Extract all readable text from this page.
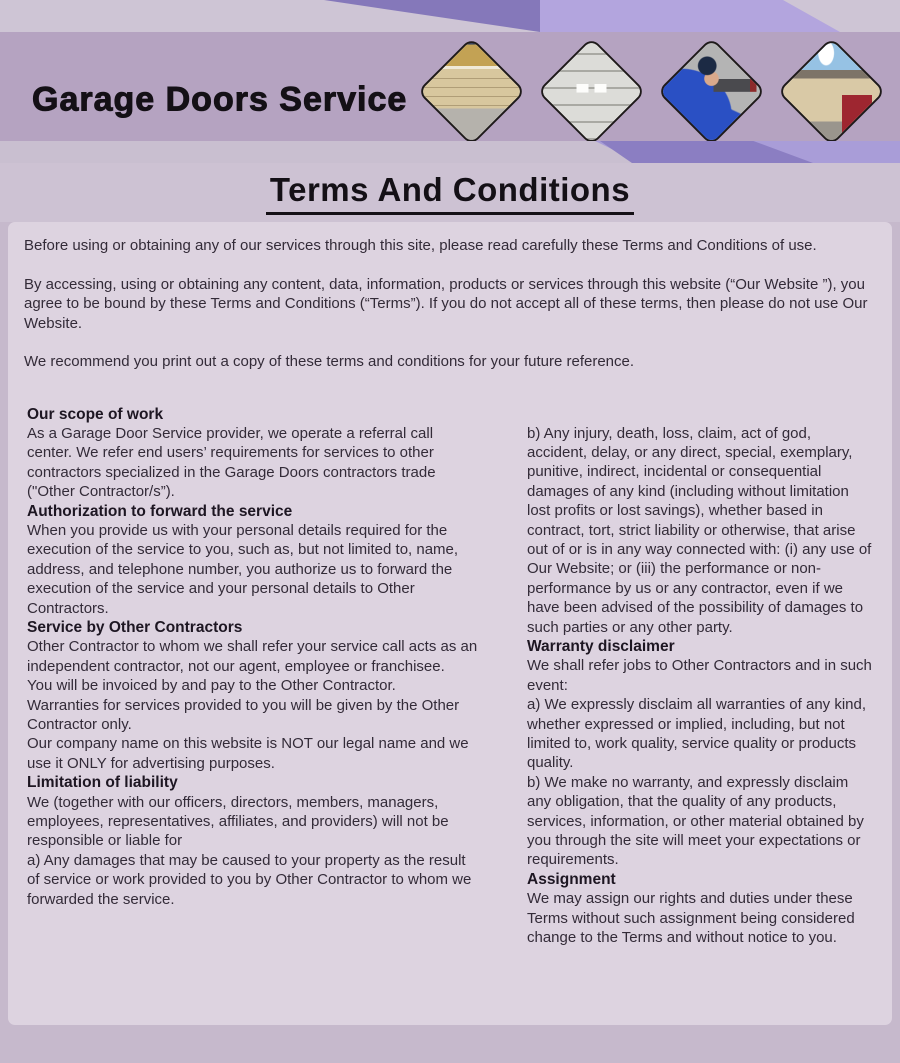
Garage Doors Service
Terms And Conditions

Before using or obtaining any of our services through this site, please read carefully these Terms and Conditions of use.

By accessing, using or obtaining any content, data, information, products or services through this website (“Our Website ”), you agree to be bound by these Terms and Conditions (“Terms”). If you do not accept all of these terms, then please do not use Our Website.

We recommend you print out a copy of these terms and conditions for your future reference.

Our scope of work

As a Garage Door Service provider, we operate a referral call center. We refer end users’ requirements for services to other contractors specialized in the Garage Doors contractors trade ("Other Contractor/s”).

Authorization to forward the service

When you provide us with your personal details required for the execution of the service to you, such as, but not limited to, name, address, and telephone number, you authorize us to forward the execution of the service and your personal details to Other Contractors.

Service by Other Contractors

Other Contractor to whom we shall refer your service call acts as an independent contractor, not our agent, employee or franchisee.

You will be invoiced by and pay to the Other Contractor.

Warranties for services provided to you will be given by the Other Contractor only.

Our company name on this website is NOT our legal name and we use it ONLY for advertising purposes.

Limitation of liability

We (together with our officers, directors, members, managers, employees, representatives, affiliates, and providers) will not be responsible or liable for

a) Any damages that may be caused to your property as the result of service or work provided to you by Other Contractor to whom we forwarded the service.

b) Any injury, death, loss, claim, act of god, accident, delay, or any direct, special, exemplary, punitive, indirect, incidental or consequential damages of any kind (including without limitation lost profits or lost savings), whether based in contract, tort, strict liability or otherwise, that arise out of or is in any way connected with: (i) any use of Our Website; or (iii) the performance or non-performance by us or any contractor, even if we have been advised of the possibility of damages to such parties or any other party.

Warranty disclaimer

We shall refer jobs to Other Contractors and in such event:

a) We expressly disclaim all warranties of any kind, whether expressed or implied, including, but not limited to, work quality, service quality or products quality.

b) We make no warranty, and expressly disclaim any obligation, that the quality of any products, services, information, or other material obtained by you through the site will meet your expectations or requirements.

Assignment

We may assign our rights and duties under these Terms without such assignment being considered change to the Terms and without notice to you.
